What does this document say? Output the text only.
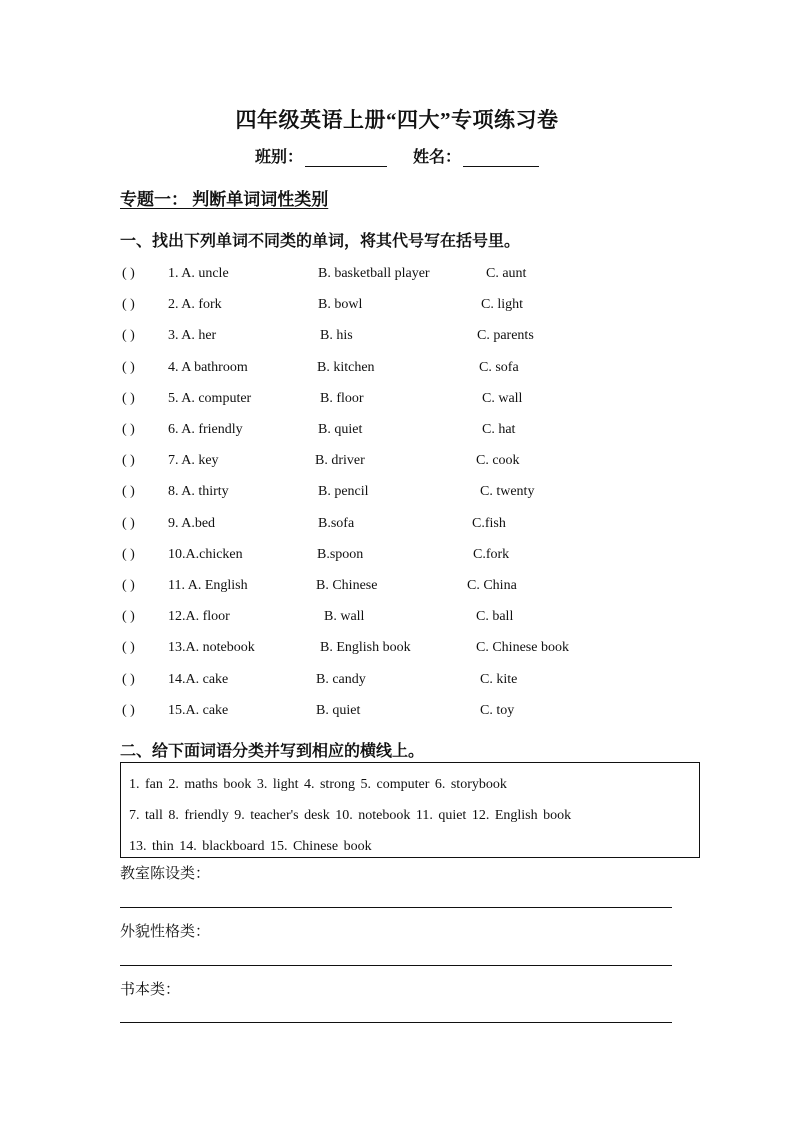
四年级英语上册“四大”专项练习卷
班别：	姓名：
专题一： 判断单词词性类别
一、找出下列单词不同类的单词，将其代号写在括号里。
( ) 1. A. uncle	B. basketball player	C. aunt
( ) 2. A. fork	B. bowl	C. light
( ) 3. A. her	B. his	C. parents
( ) 4. A bathroom	B. kitchen	C. sofa
( ) 5. A. computer	B. floor	C. wall
( ) 6. A. friendly	B. quiet	C. hat
( ) 7. A. key	B. driver	C. cook
( ) 8. A. thirty	B. pencil	C. twenty
( ) 9. A.bed	B.sofa	C.fish
( ) 10.A.chicken	B.spoon	C.fork
( ) 11. A. English	B. Chinese	C. China
( ) 12.A. floor	B. wall	C. ball
( ) 13.A. notebook	B. English book	C. Chinese book
( ) 14.A. cake	B. candy	C. kite
( ) 15.A. cake	B. quiet	C. toy
二、给下面词语分类并写到相应的横线上。
1. fan 2. maths book 3. light 4. strong 5. computer 6. storybook
7. tall 8. friendly 9. teacher's desk 10. notebook 11. quiet 12. English book
13. thin 14. blackboard 15. Chinese book
教室陈设类：
外貌性格类：
书本类：
